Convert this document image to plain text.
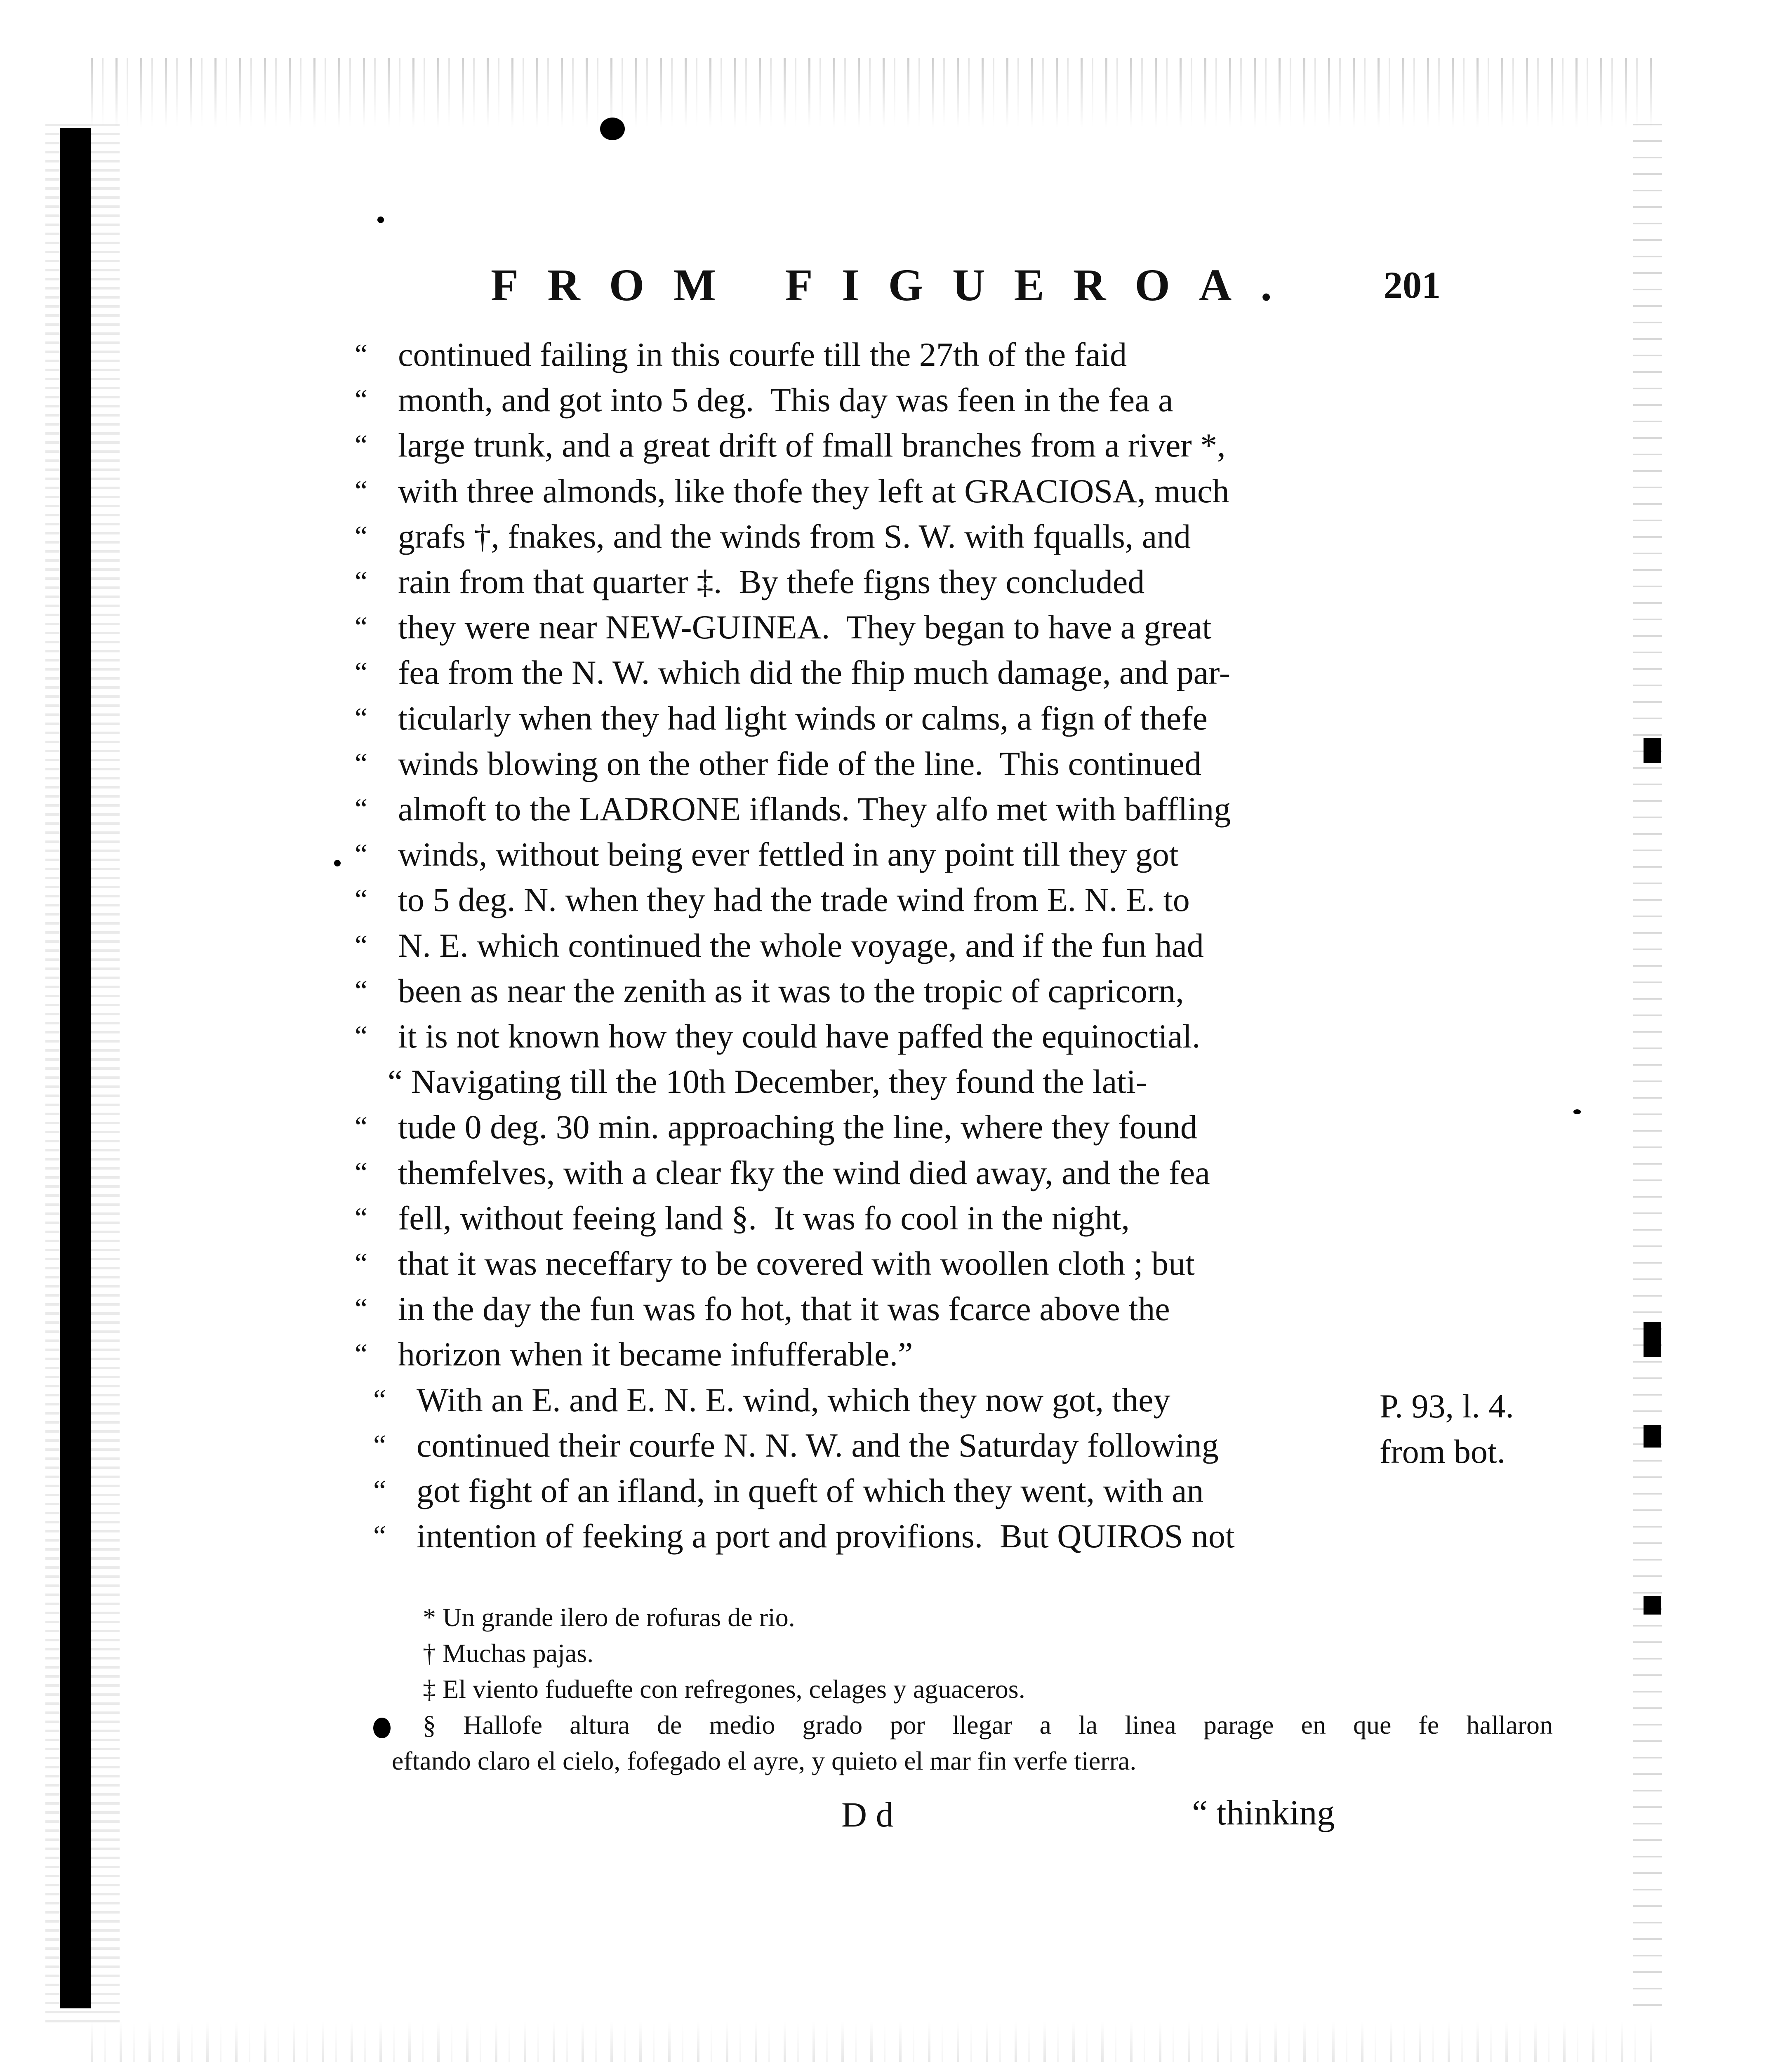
FROM FIGUEROA. 201
“ continued failing in this courfe till the 27th of the faid
“ month, and got into 5 deg.  This day was feen in the fea a
“ large trunk, and a great drift of fmall branches from a river *,
“ with three almonds, like thofe they left at GRACIOSA, much
“ grafs †, fnakes, and the winds from S. W. with fqualls, and
“ rain from that quarter ‡.  By thefe figns they concluded
“ they were near NEW-GUINEA.  They began to have a great
“ fea from the N. W. which did the fhip much damage, and par-
“ ticularly when they had light winds or calms, a fign of thefe
“ winds blowing on the other fide of the line.  This continued
“ almoft to the LADRONE iflands. They alfo met with baffling
“ winds, without being ever fettled in any point till they got
“ to 5 deg. N. when they had the trade wind from E. N. E. to
“ N. E. which continued the whole voyage, and if the fun had
“ been as near the zenith as it was to the tropic of capricorn,
“ it is not known how they could have paffed the equinoctial.
“ Navigating till the 10th December, they found the lati-
“ tude 0 deg. 30 min. approaching the line, where they found
“ themfelves, with a clear fky the wind died away, and the fea
“ fell, without feeing land §.  It was fo cool in the night,
“ that it was neceffary to be covered with woollen cloth ; but
“ in the day the fun was fo hot, that it was fcarce above the
“ horizon when it became infufferable.”
“ With an E. and E. N. E. wind, which they now got, they
“ continued their courfe N. N. W. and the Saturday following
“ got fight of an ifland, in queft of which they went, with an
“ intention of feeking a port and provifions.  But QUIROS not
P. 93, l. 4.
from bot.
* Un grande ilero de rofuras de rio.
† Muchas pajas.
‡ El viento fuduefte con refregones, celages y aguaceros.
§ Hallofe altura de medio grado por llegar a la linea parage en que fe hallaron
eftando claro el cielo, fofegado el ayre, y quieto el mar fin verfe tierra.
D d	“ thinking
